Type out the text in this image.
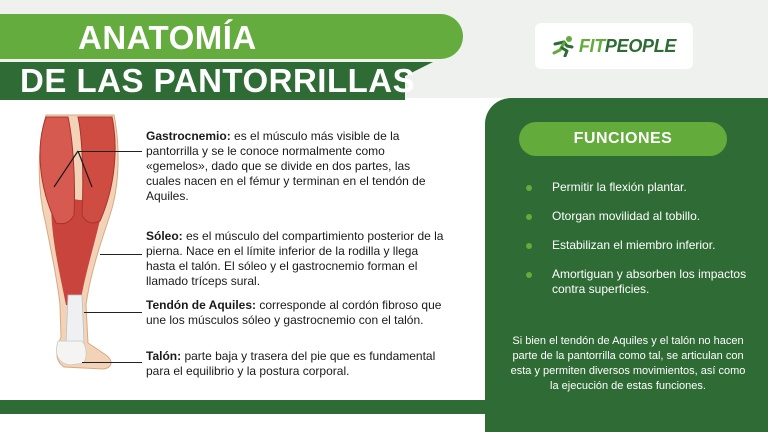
ANATOMÍA
DE LAS PANTORRILLAS
FITPEOPLE
Gastrocnemio: es el músculo más visible de la pantorrilla y se le conoce normalmente como «gemelos», dado que se divide en dos partes, las cuales nacen en el fémur y terminan en el tendón de Aquiles.
Sóleo: es el músculo del compartimiento posterior de la pierna. Nace en el límite inferior de la rodilla y llega hasta el talón. El sóleo y el gastrocnemio forman el llamado tríceps sural.
Tendón de Aquiles: corresponde al cordón fibroso que une los músculos sóleo y gastrocnemio con el talón.
Talón: parte baja y trasera del pie que es fundamental para el equilibrio y la postura corporal.
FUNCIONES
Permitir la flexión plantar.
Otorgan movilidad al tobillo.
Estabilizan el miembro inferior.
Amortiguan y absorben los impactos contra superficies.
Si bien el tendón de Aquiles y el talón no hacen parte de la pantorrilla como tal, se articulan con esta y permiten diversos movimientos, así como la ejecución de estas funciones.
